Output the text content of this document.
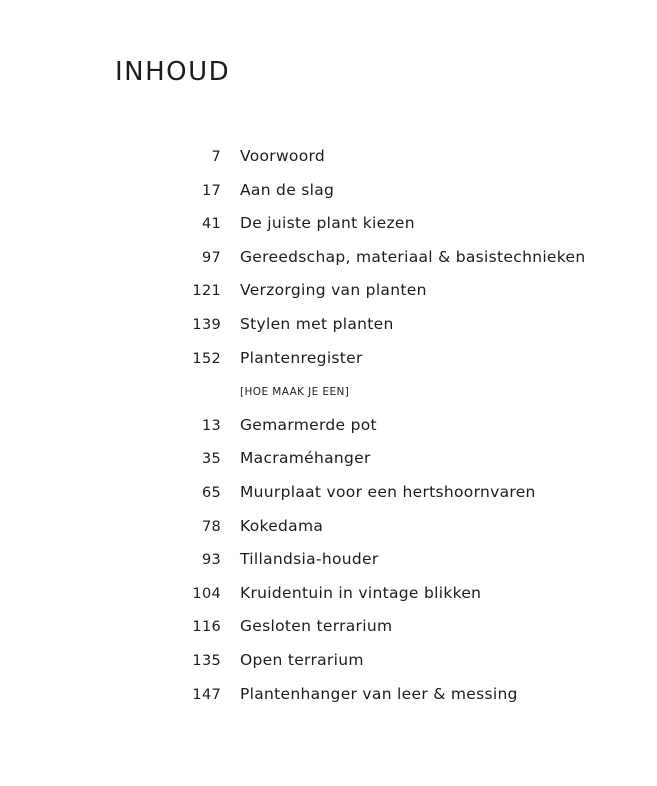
INHOUD
7 Voorwoord
17 Aan de slag
41 De juiste plant kiezen
97 Gereedschap, materiaal & basistechnieken
121 Verzorging van planten
139 Stylen met planten
152 Plantenregister
[HOE MAAK JE EEN]
13 Gemarmerde pot
35 Macraméhanger
65 Muurplaat voor een hertshoornvaren
78 Kokedama
93 Tillandsia-houder
104 Kruidentuin in vintage blikken
116 Gesloten terrarium
135 Open terrarium
147 Plantenhanger van leer & messing
